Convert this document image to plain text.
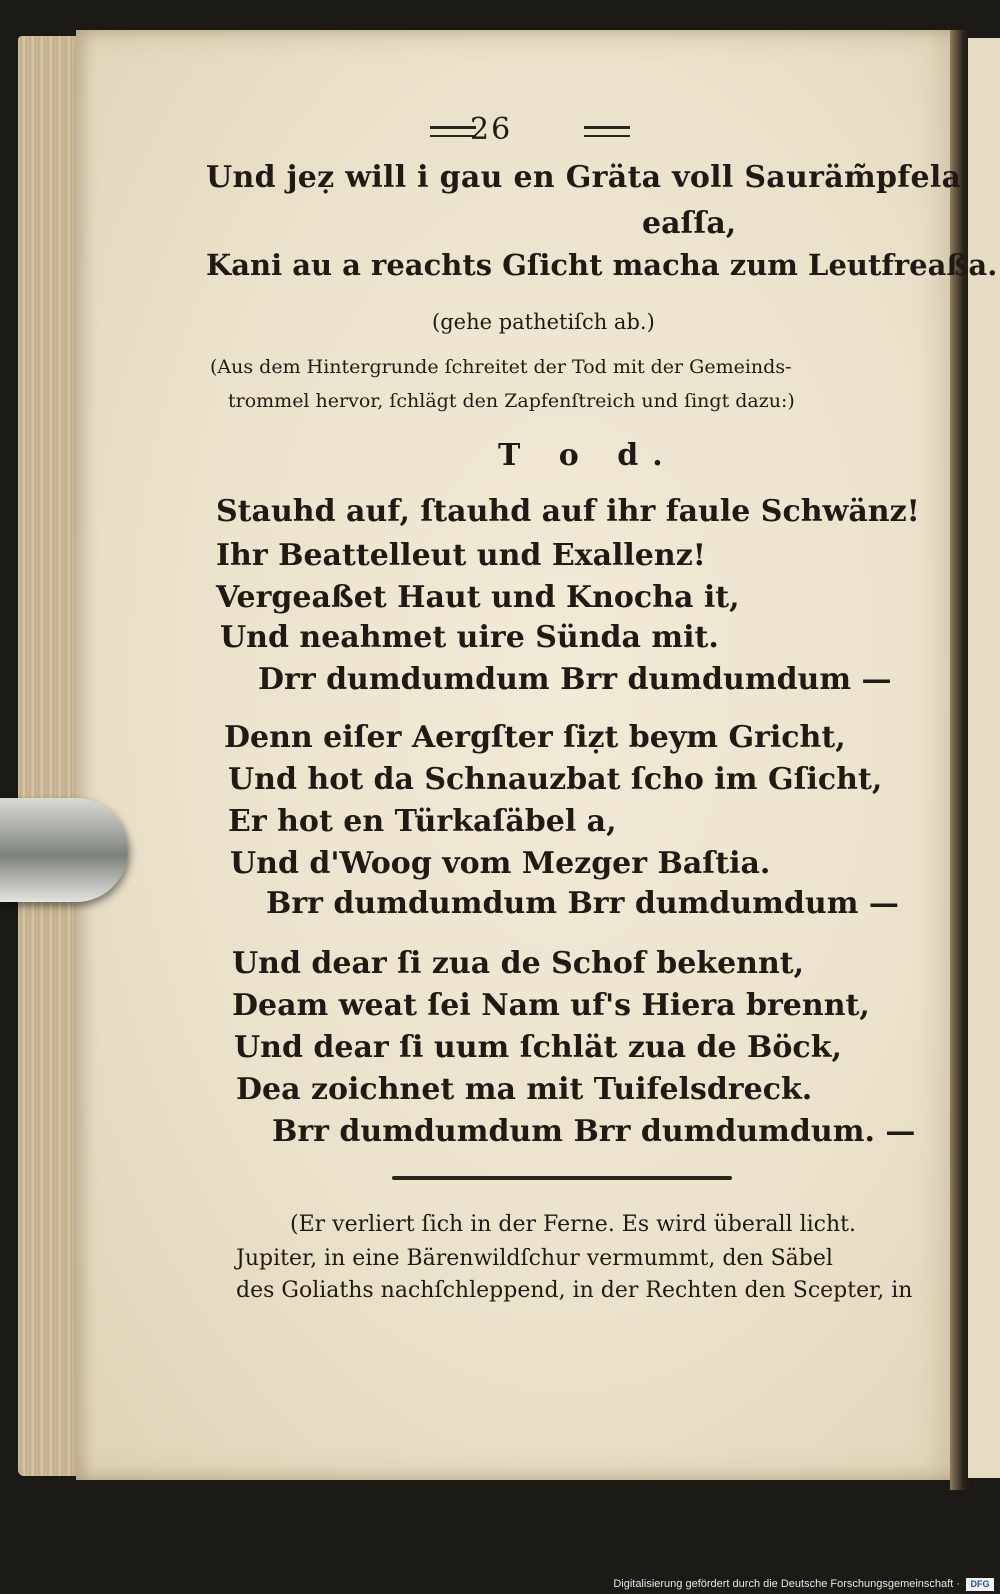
26
Und jeẓ will i gau en Gräta voll Sauräm̃pfela
eaſſa,
Kani au a reachts Gſicht macha zum Leutfreaßa.
(gehe pathetiſch ab.)
(Aus dem Hintergrunde ſchreitet der Tod mit der Gemeinds-
trommel hervor, ſchlägt den Zapfenſtreich und ſingt dazu:)
T o d.
Stauhd auf, ſtauhd auf ihr faule Schwänz!
Ihr Beattelleut und Exallenz!
Vergeaßet Haut und Knocha it,
Und neahmet uire Sünda mit.
Drr dumdumdum Brr dumdumdum —
Denn eiſer Aergſter ſiẓt beym Gricht,
Und hot da Schnauzbat ſcho im Gſicht,
Er hot en Türkaſäbel a,
Und d'Woog vom Mezger Baſtia.
Brr dumdumdum Brr dumdumdum —
Und dear ſi zua de Schof bekennt,
Deam weat ſei Nam uf's Hiera brennt,
Und dear ſi uum ſchlät zua de Böck,
Dea zoichnet ma mit Tuifelsdreck.
Brr dumdumdum Brr dumdumdum. —
(Er verliert ſich in der Ferne. Es wird überall licht.
Jupiter, in eine Bärenwildſchur vermummt, den Säbel
des Goliaths nachſchleppend, in der Rechten den Scepter, in
Digitalisierung gefördert durch die Deutsche Forschungsgemeinschaft ·	DFG
